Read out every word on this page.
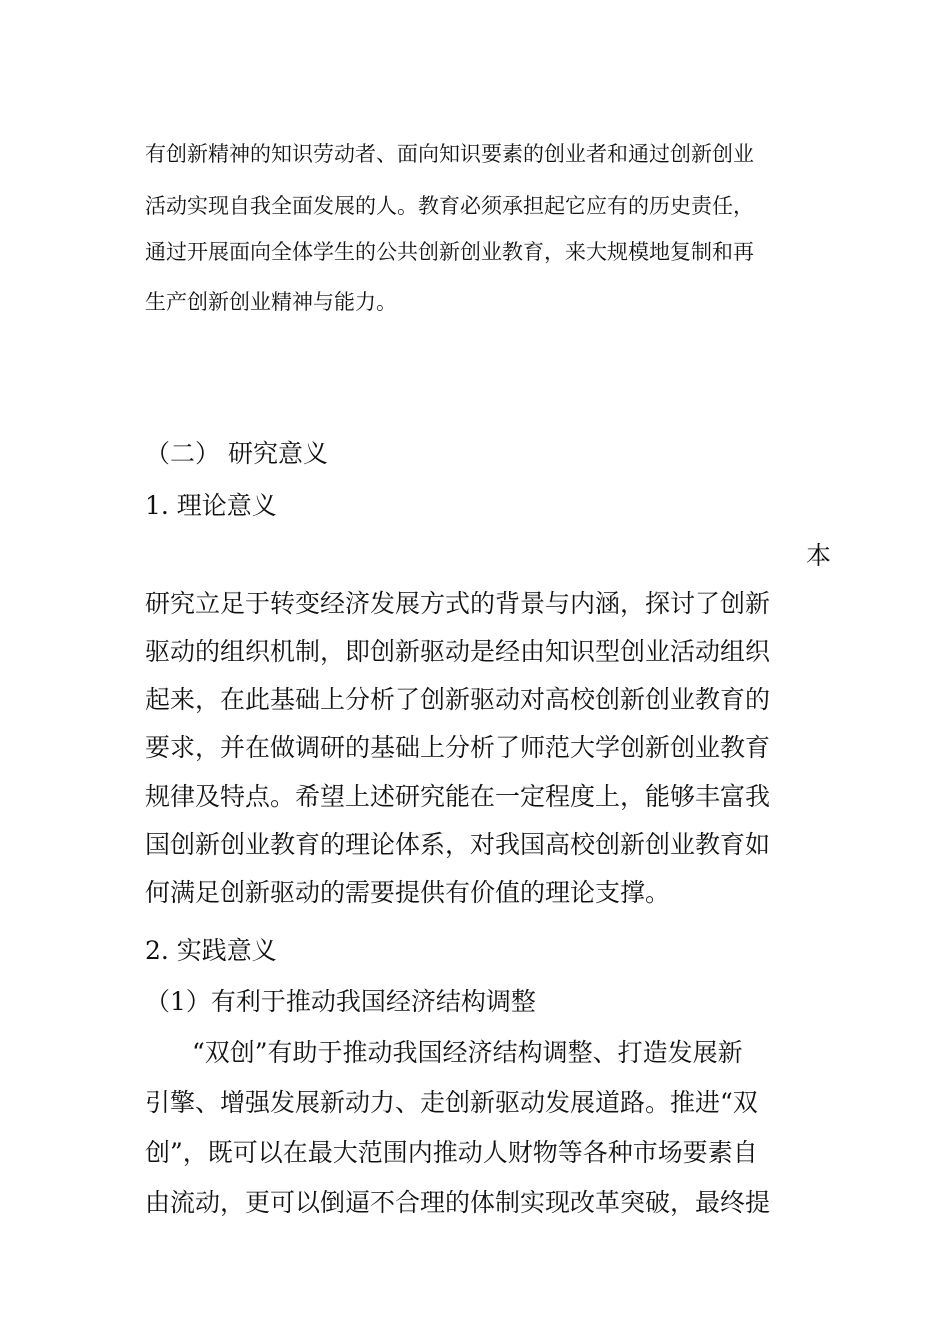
有创新精神的知识劳动者、面向知识要素的创业者和通过创新创业

活动实现自我全面发展的人。教育必须承担起它应有的历史责任，

通过开展面向全体学生的公共创新创业教育，来大规模地复制和再

生产创新创业精神与能力。

（二） 研究意义

1. 理论意义

本

研究立足于转变经济发展方式的背景与内涵，探讨了创新

驱动的组织机制，即创新驱动是经由知识型创业活动组织

起来，在此基础上分析了创新驱动对高校创新创业教育的

要求，并在做调研的基础上分析了师范大学创新创业教育

规律及特点。希望上述研究能在一定程度上，能够丰富我

国创新创业教育的理论体系，对我国高校创新创业教育如

何满足创新驱动的需要提供有价值的理论支撑。

2. 实践意义

（1）有利于推动我国经济结构调整

“双创”有助于推动我国经济结构调整、打造发展新

引擎、增强发展新动力、走创新驱动发展道路。推进“双

创”，既可以在最大范围内推动人财物等各种市场要素自

由流动，更可以倒逼不合理的体制实现改革突破，最终提
